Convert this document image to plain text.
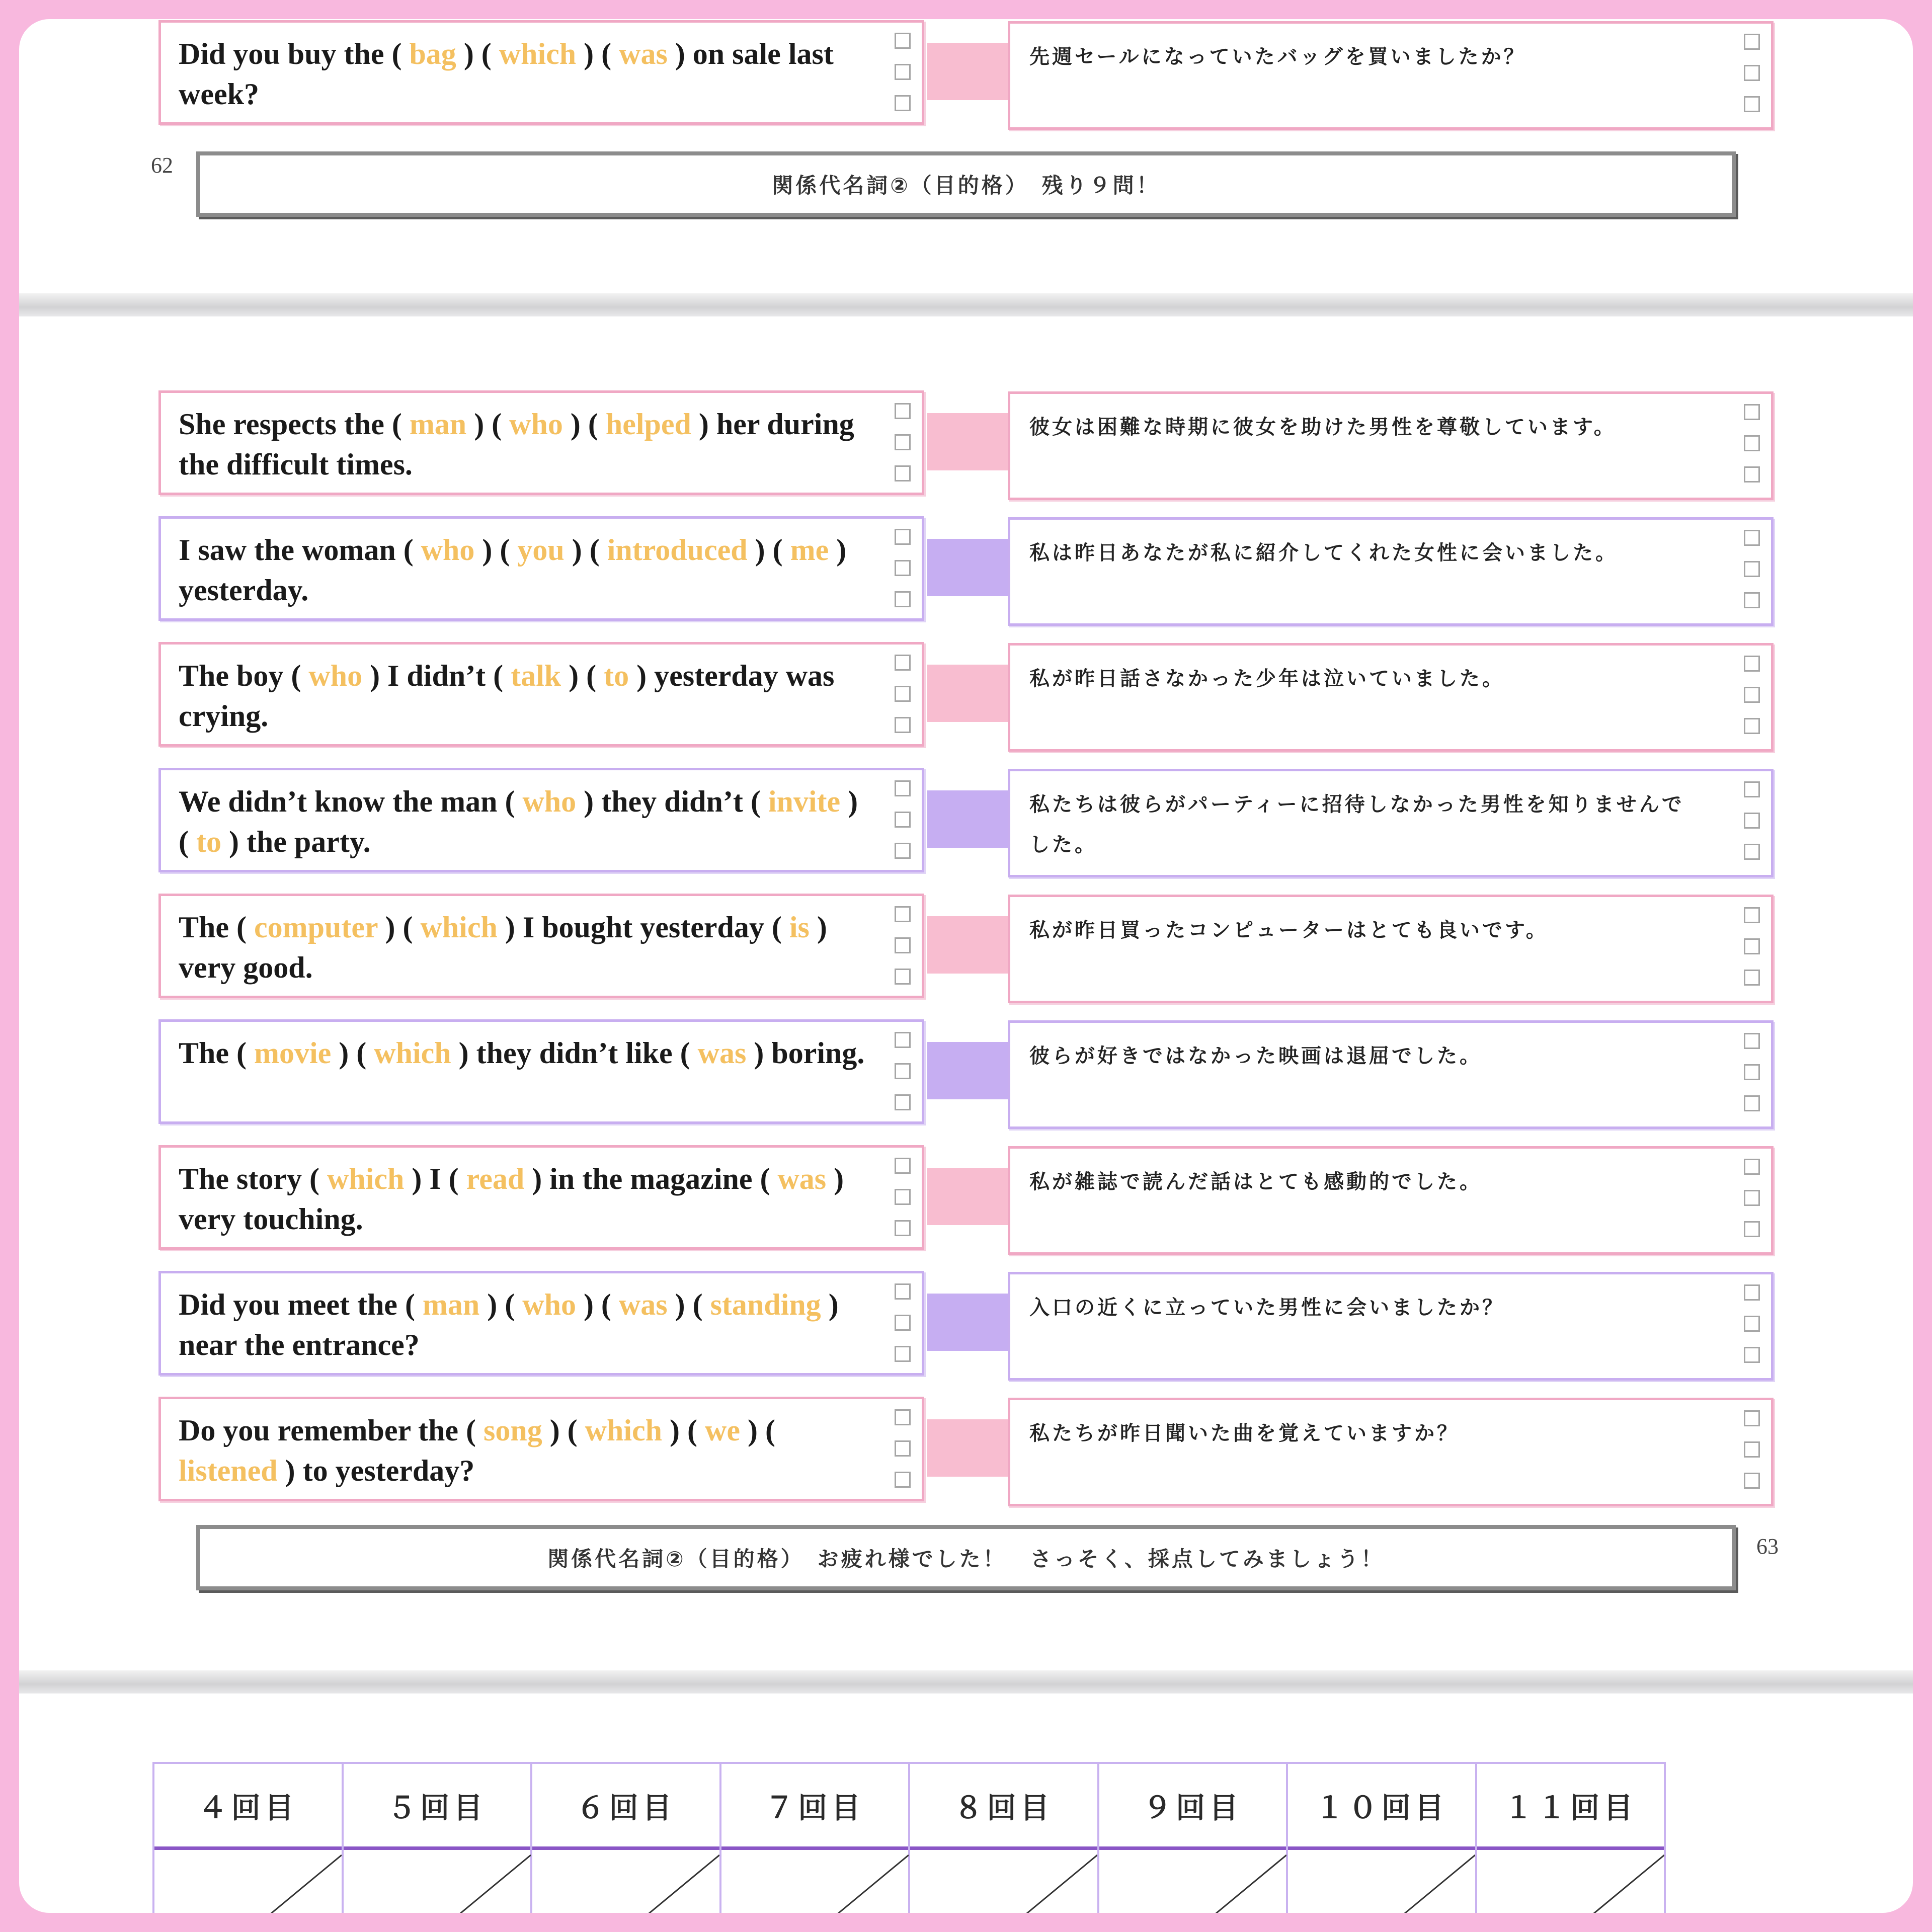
Did you buy the ( bag ) ( which ) ( was ) on sale last week?
先週セールになっていたバッグを買いましたか？
62
関係代名詞②（目的格）　残り９問！
She respects the ( man ) ( who ) ( helped ) her during the difficult times.
彼女は困難な時期に彼女を助けた男性を尊敬しています。
I saw the woman ( who ) ( you ) ( introduced ) ( me ) yesterday.
私は昨日あなたが私に紹介してくれた女性に会いました。
The boy ( who ) I didn’t ( talk ) ( to ) yesterday was crying.
私が昨日話さなかった少年は泣いていました。
We didn’t know the man ( who ) they didn’t ( invite ) ( to ) the party.
私たちは彼らがパーティーに招待しなかった男性を知りませんでした。
The ( computer ) ( which ) I bought yesterday ( is ) very good.
私が昨日買ったコンピューターはとても良いです。
The ( movie ) ( which ) they didn’t like ( was ) boring.	彼らが好きではなかった映画は退屈でした。
The story ( which ) I ( read ) in the magazine ( was ) very touching.
私が雑誌で読んだ話はとても感動的でした。
Did you meet the ( man ) ( who ) ( was ) ( standing ) near the entrance?
入口の近くに立っていた男性に会いましたか？
Do you remember the ( song ) ( which ) ( we ) ( listened ) to yesterday?
私たちが昨日聞いた曲を覚えていますか？
関係代名詞②（目的格）　お疲れ様でした！　さっそく、採点してみましょう！
63
４回目	５回目	６回目	７回目	８回目	９回目	１０回目	１１回目
